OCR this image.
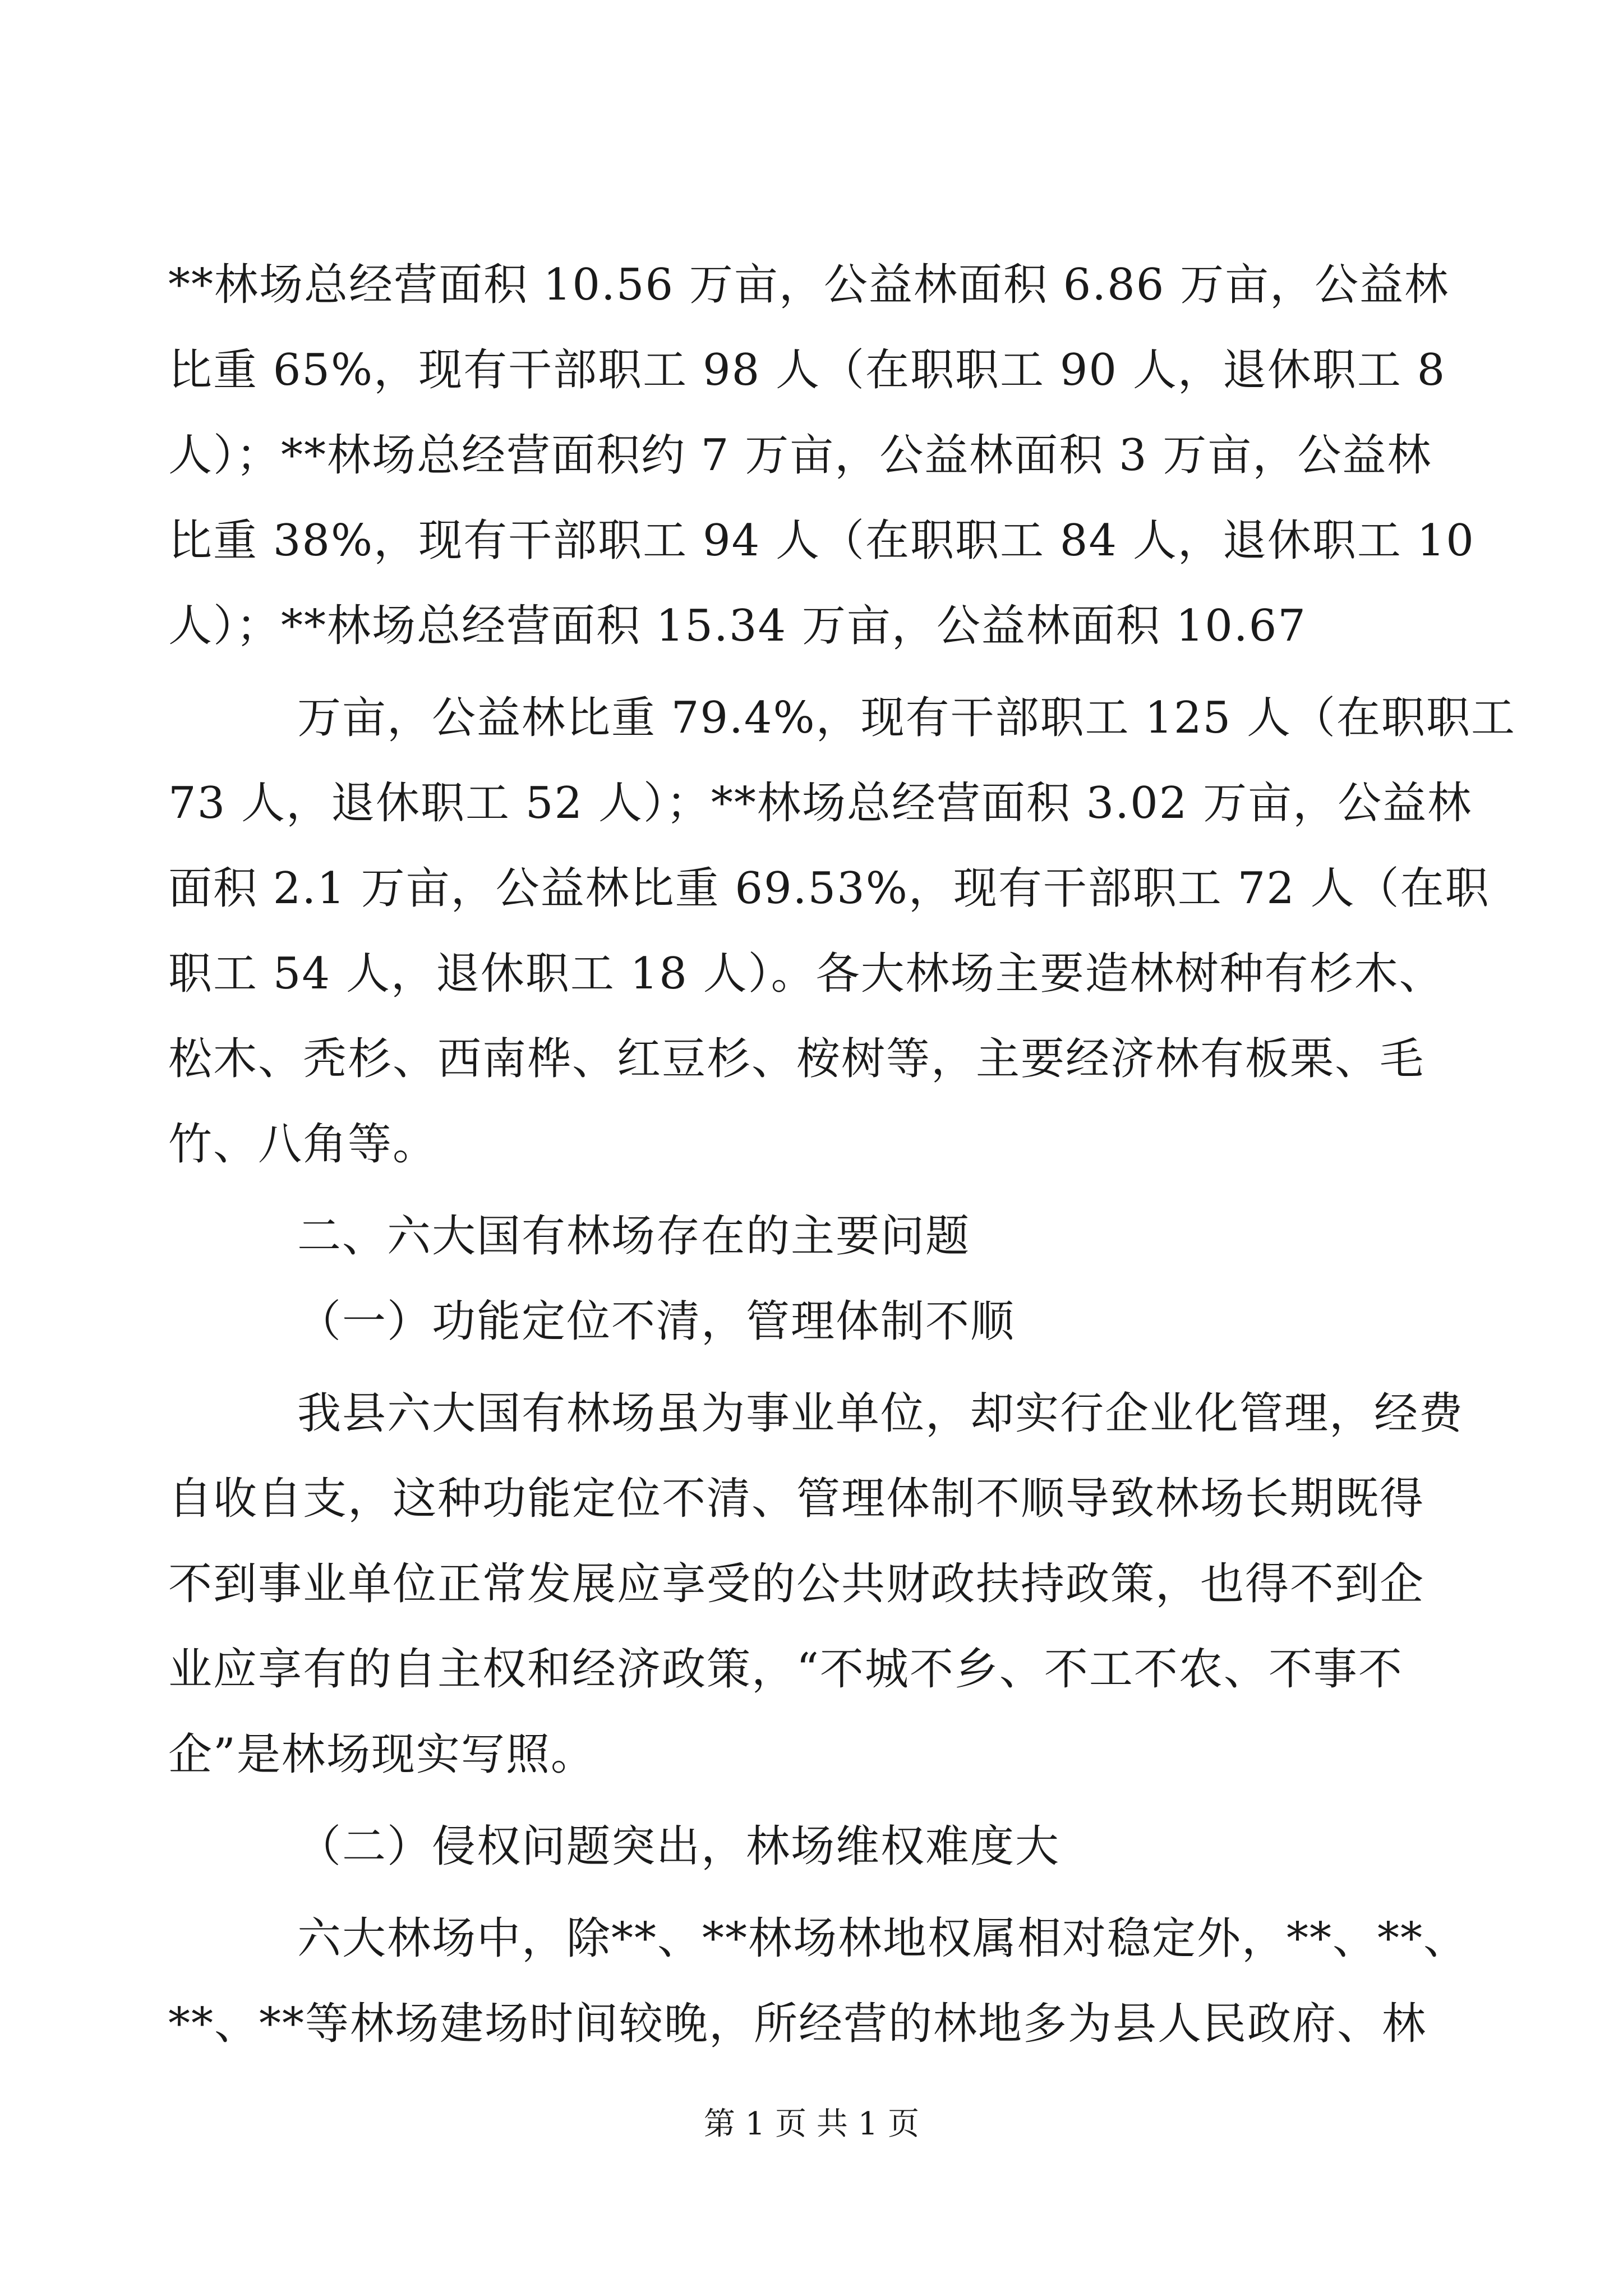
**林场总经营面积 10.56 万亩，公益林面积 6.86 万亩，公益林
比重 65%，现有干部职工 98 人（在职职工 90 人，退休职工 8
人）；**林场总经营面积约 7 万亩，公益林面积 3 万亩，公益林
比重 38%，现有干部职工 94 人（在职职工 84 人，退休职工 10
人）；**林场总经营面积 15.34 万亩，公益林面积 10.67
万亩，公益林比重 79.4%，现有干部职工 125 人（在职职工
73 人，退休职工 52 人）；**林场总经营面积 3.02 万亩，公益林
面积 2.1 万亩，公益林比重 69.53%，现有干部职工 72 人（在职
职工 54 人，退休职工 18 人）。各大林场主要造林树种有杉木、
松木、秃杉、西南桦、红豆杉、桉树等，主要经济林有板栗、毛
竹、八角等。
二、六大国有林场存在的主要问题
（一）功能定位不清，管理体制不顺
我县六大国有林场虽为事业单位，却实行企业化管理，经费
自收自支，这种功能定位不清、管理体制不顺导致林场长期既得
不到事业单位正常发展应享受的公共财政扶持政策，也得不到企
业应享有的自主权和经济政策，“不城不乡、不工不农、不事不
企”是林场现实写照。
（二）侵权问题突出，林场维权难度大
六大林场中，除**、**林场林地权属相对稳定外，**、**、
**、**等林场建场时间较晚，所经营的林地多为县人民政府、林
第 1 页 共 1 页
